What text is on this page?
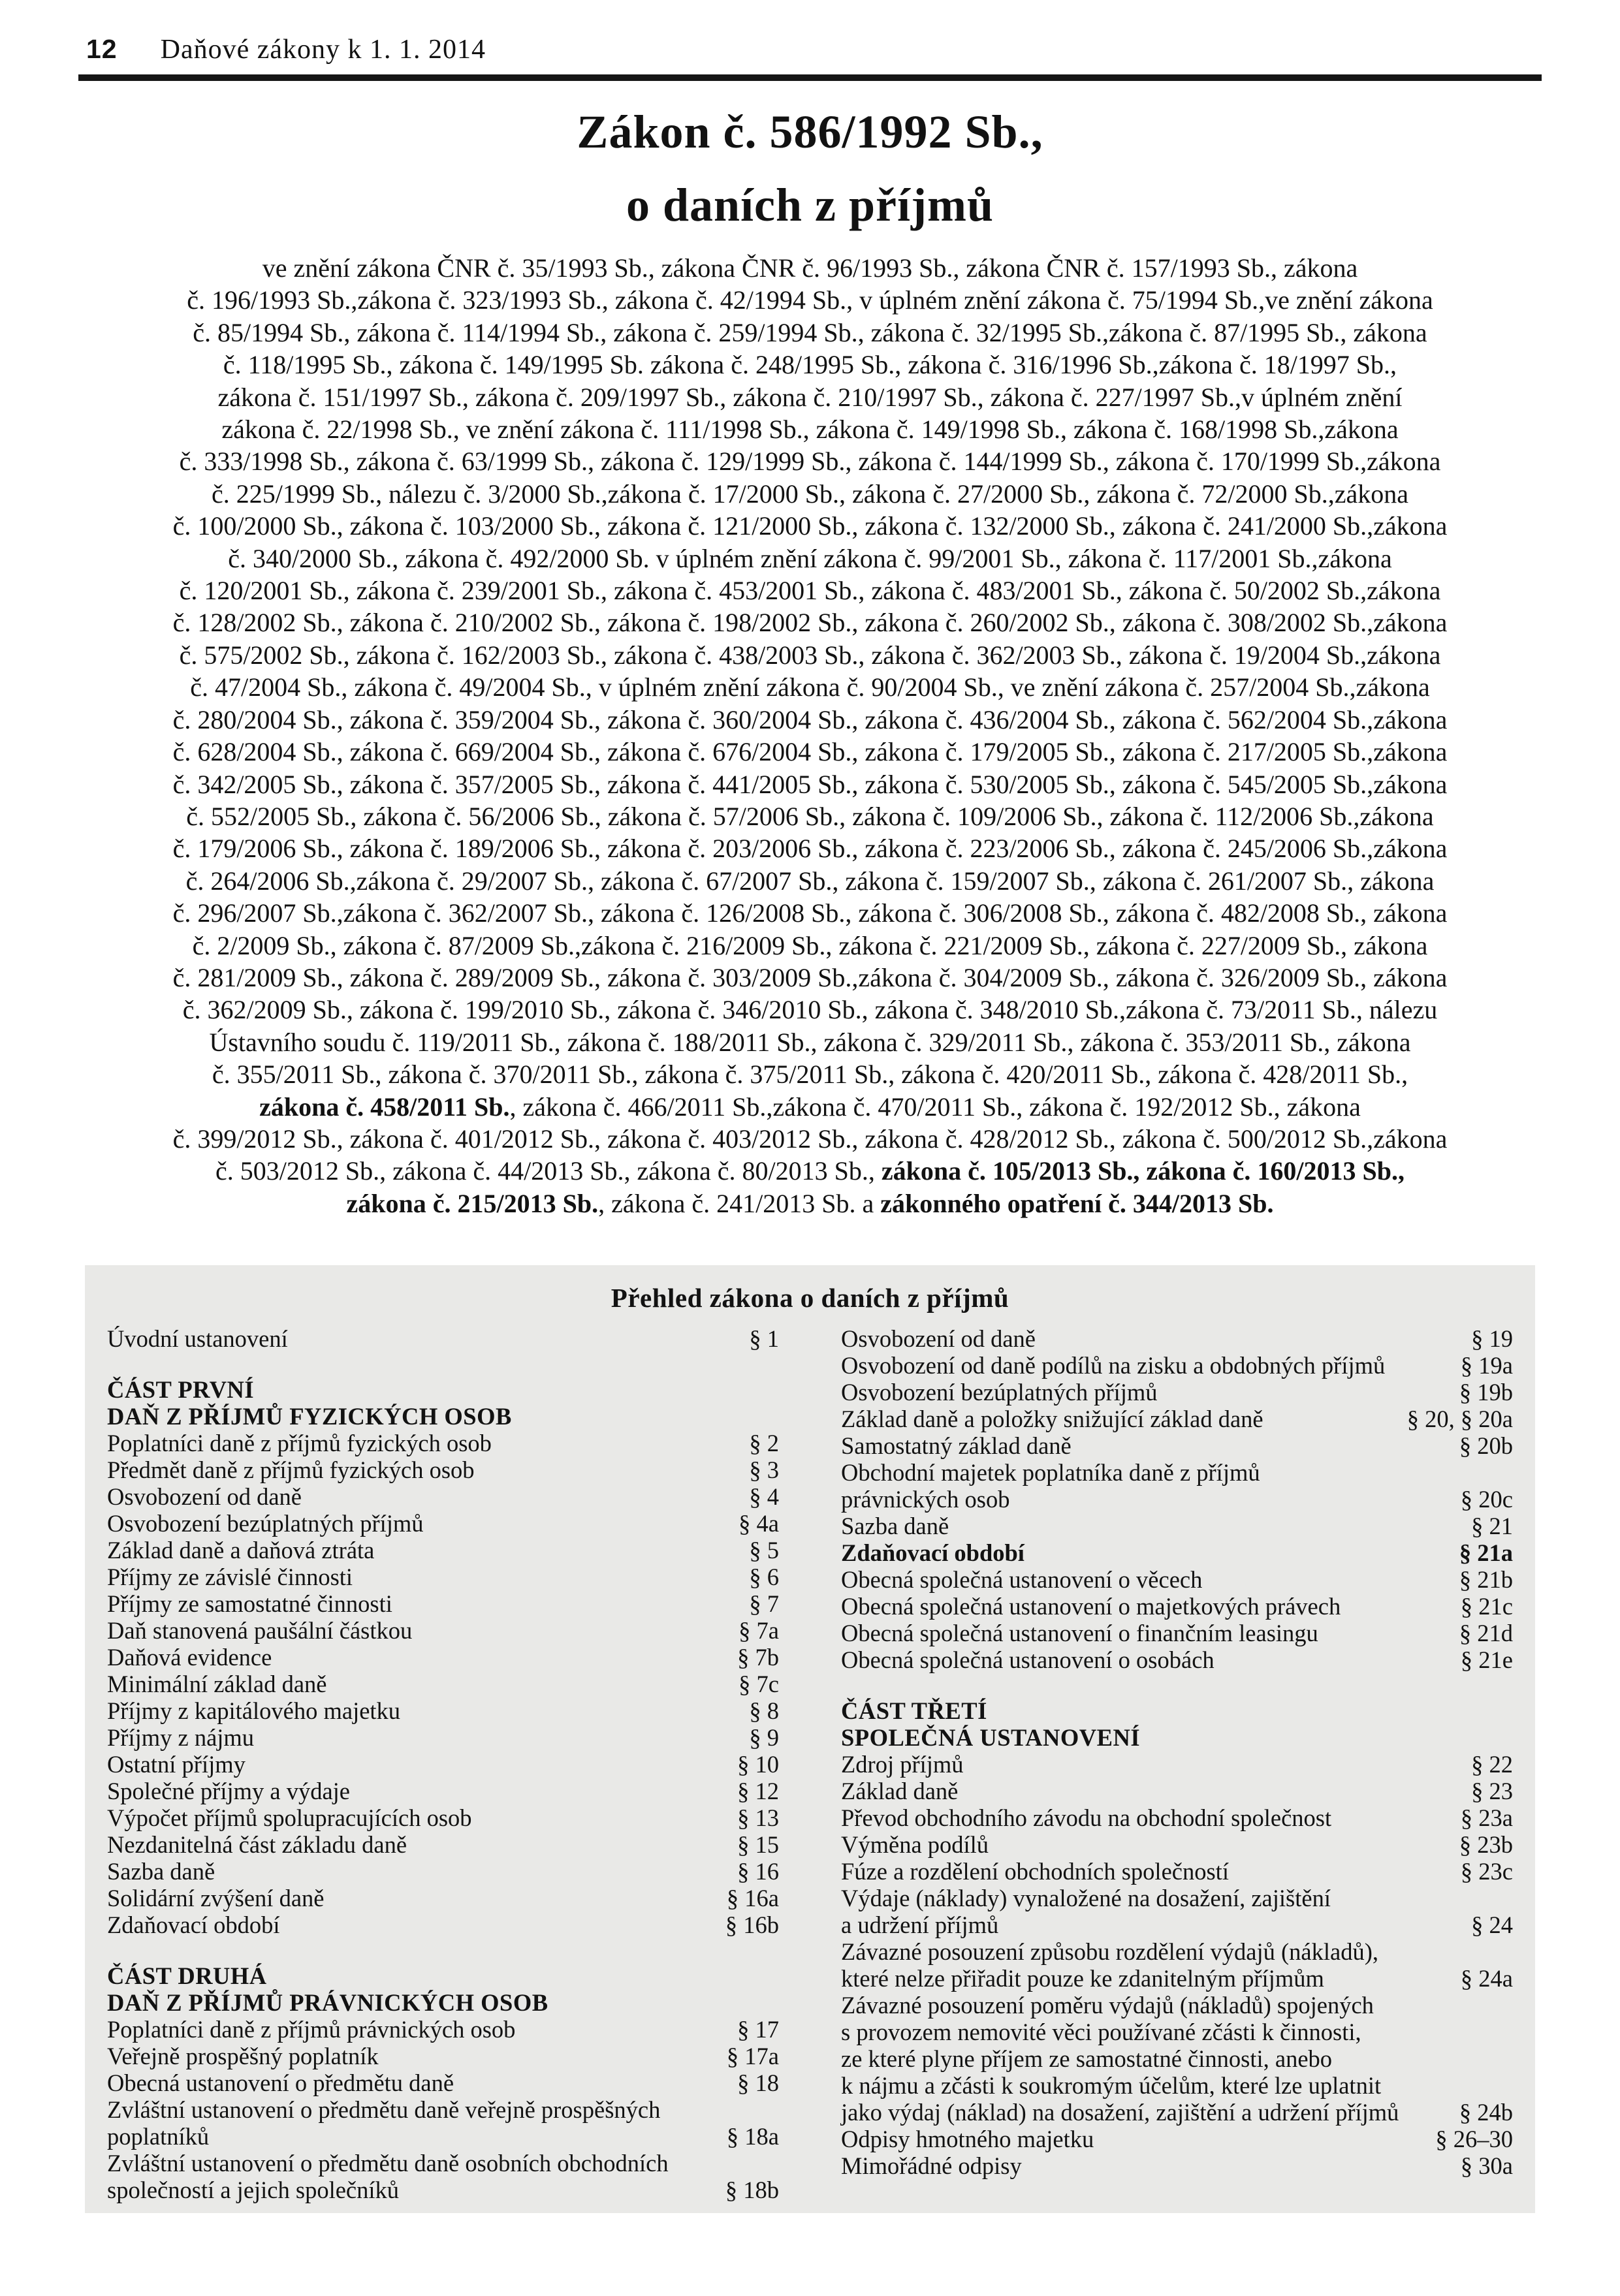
12 Daňové zákony k 1. 1. 2014
Zákon č. 586/1992 Sb.,
o daních z příjmů
ve znění zákona ČNR č. 35/1993 Sb., zákona ČNR č. 96/1993 Sb., zákona ČNR č. 157/1993 Sb., zákona
č. 196/1993 Sb.,zákona č. 323/1993 Sb., zákona č. 42/1994 Sb., v úplném znění zákona č. 75/1994 Sb.,ve znění zákona
č. 85/1994 Sb., zákona č. 114/1994 Sb., zákona č. 259/1994 Sb., zákona č. 32/1995 Sb.,zákona č. 87/1995 Sb., zákona
č. 118/1995 Sb., zákona č. 149/1995 Sb. zákona č. 248/1995 Sb., zákona č. 316/1996 Sb.,zákona č. 18/1997 Sb.,
zákona č. 151/1997 Sb., zákona č. 209/1997 Sb., zákona č. 210/1997 Sb., zákona č. 227/1997 Sb.,v úplném znění
zákona č. 22/1998 Sb., ve znění zákona č. 111/1998 Sb., zákona č. 149/1998 Sb., zákona č. 168/1998 Sb.,zákona
č. 333/1998 Sb., zákona č. 63/1999 Sb., zákona č. 129/1999 Sb., zákona č. 144/1999 Sb., zákona č. 170/1999 Sb.,zákona
č. 225/1999 Sb., nálezu č. 3/2000 Sb.,zákona č. 17/2000 Sb., zákona č. 27/2000 Sb., zákona č. 72/2000 Sb.,zákona
č. 100/2000 Sb., zákona č. 103/2000 Sb., zákona č. 121/2000 Sb., zákona č. 132/2000 Sb., zákona č. 241/2000 Sb.,zákona
č. 340/2000 Sb., zákona č. 492/2000 Sb. v úplném znění zákona č. 99/2001 Sb., zákona č. 117/2001 Sb.,zákona
č. 120/2001 Sb., zákona č. 239/2001 Sb., zákona č. 453/2001 Sb., zákona č. 483/2001 Sb., zákona č. 50/2002 Sb.,zákona
č. 128/2002 Sb., zákona č. 210/2002 Sb., zákona č. 198/2002 Sb., zákona č. 260/2002 Sb., zákona č. 308/2002 Sb.,zákona
č. 575/2002 Sb., zákona č. 162/2003 Sb., zákona č. 438/2003 Sb., zákona č. 362/2003 Sb., zákona č. 19/2004 Sb.,zákona
č. 47/2004 Sb., zákona č. 49/2004 Sb., v úplném znění zákona č. 90/2004 Sb., ve znění zákona č. 257/2004 Sb.,zákona
č. 280/2004 Sb., zákona č. 359/2004 Sb., zákona č. 360/2004 Sb., zákona č. 436/2004 Sb., zákona č. 562/2004 Sb.,zákona
č. 628/2004 Sb., zákona č. 669/2004 Sb., zákona č. 676/2004 Sb., zákona č. 179/2005 Sb., zákona č. 217/2005 Sb.,zákona
č. 342/2005 Sb., zákona č. 357/2005 Sb., zákona č. 441/2005 Sb., zákona č. 530/2005 Sb., zákona č. 545/2005 Sb.,zákona
č. 552/2005 Sb., zákona č. 56/2006 Sb., zákona č. 57/2006 Sb., zákona č. 109/2006 Sb., zákona č. 112/2006 Sb.,zákona
č. 179/2006 Sb., zákona č. 189/2006 Sb., zákona č. 203/2006 Sb., zákona č. 223/2006 Sb., zákona č. 245/2006 Sb.,zákona
č. 264/2006 Sb.,zákona č. 29/2007 Sb., zákona č. 67/2007 Sb., zákona č. 159/2007 Sb., zákona č. 261/2007 Sb., zákona
č. 296/2007 Sb.,zákona č. 362/2007 Sb., zákona č. 126/2008 Sb., zákona č. 306/2008 Sb., zákona č. 482/2008 Sb., zákona
č. 2/2009 Sb., zákona č. 87/2009 Sb.,zákona č. 216/2009 Sb., zákona č. 221/2009 Sb., zákona č. 227/2009 Sb., zákona
č. 281/2009 Sb., zákona č. 289/2009 Sb., zákona č. 303/2009 Sb.,zákona č. 304/2009 Sb., zákona č. 326/2009 Sb., zákona
č. 362/2009 Sb., zákona č. 199/2010 Sb., zákona č. 346/2010 Sb., zákona č. 348/2010 Sb.,zákona č. 73/2011 Sb., nálezu
Ústavního soudu č. 119/2011 Sb., zákona č. 188/2011 Sb., zákona č. 329/2011 Sb., zákona č. 353/2011 Sb., zákona
č. 355/2011 Sb., zákona č. 370/2011 Sb., zákona č. 375/2011 Sb., zákona č. 420/2011 Sb., zákona č. 428/2011 Sb.,
zákona č. 458/2011 Sb., zákona č. 466/2011 Sb.,zákona č. 470/2011 Sb., zákona č. 192/2012 Sb., zákona
č. 399/2012 Sb., zákona č. 401/2012 Sb., zákona č. 403/2012 Sb., zákona č. 428/2012 Sb., zákona č. 500/2012 Sb.,zákona
č. 503/2012 Sb., zákona č. 44/2013 Sb., zákona č. 80/2013 Sb., zákona č. 105/2013 Sb., zákona č. 160/2013 Sb.,
zákona č. 215/2013 Sb., zákona č. 241/2013 Sb. a zákonného opatření č. 344/2013 Sb.
Přehled zákona o daních z příjmů
Úvodní ustanovení	§ 1
ČÁST PRVNÍ
DAŇ Z PŘÍJMŮ FYZICKÝCH OSOB
Poplatníci daně z příjmů fyzických osob	§ 2
Předmět daně z příjmů fyzických osob	§ 3
Osvobození od daně	§ 4
Osvobození bezúplatných příjmů	§ 4a
Základ daně a daňová ztráta	§ 5
Příjmy ze závislé činnosti	§ 6
Příjmy ze samostatné činnosti	§ 7
Daň stanovená paušální částkou	§ 7a
Daňová evidence	§ 7b
Minimální základ daně	§ 7c
Příjmy z kapitálového majetku	§ 8
Příjmy z nájmu	§ 9
Ostatní příjmy	§ 10
Společné příjmy a výdaje	§ 12
Výpočet příjmů spolupracujících osob	§ 13
Nezdanitelná část základu daně	§ 15
Sazba daně	§ 16
Solidární zvýšení daně	§ 16a
Zdaňovací období	§ 16b
ČÁST DRUHÁ
DAŇ Z PŘÍJMŮ PRÁVNICKÝCH OSOB
Poplatníci daně z příjmů právnických osob	§ 17
Veřejně prospěšný poplatník	§ 17a
Obecná ustanovení o předmětu daně	§ 18
Zvláštní ustanovení o předmětu daně veřejně prospěšných
poplatníků	§ 18a
Zvláštní ustanovení o předmětu daně osobních obchodních
společností a jejich společníků	§ 18b
Osvobození od daně	§ 19
Osvobození od daně podílů na zisku a obdobných příjmů	§ 19a
Osvobození bezúplatných příjmů	§ 19b
Základ daně a položky snižující základ daně	§ 20, § 20a
Samostatný základ daně	§ 20b
Obchodní majetek poplatníka daně z příjmů
právnických osob	§ 20c
Sazba daně	§ 21
Zdaňovací období	§ 21a
Obecná společná ustanovení o věcech	§ 21b
Obecná společná ustanovení o majetkových právech	§ 21c
Obecná společná ustanovení o finančním leasingu	§ 21d
Obecná společná ustanovení o osobách	§ 21e
ČÁST TŘETÍ
SPOLEČNÁ USTANOVENÍ
Zdroj příjmů	§ 22
Základ daně	§ 23
Převod obchodního závodu na obchodní společnost	§ 23a
Výměna podílů	§ 23b
Fúze a rozdělení obchodních společností	§ 23c
Výdaje (náklady) vynaložené na dosažení, zajištění
a udržení příjmů	§ 24
Závazné posouzení způsobu rozdělení výdajů (nákladů),
které nelze přiřadit pouze ke zdanitelným příjmům	§ 24a
Závazné posouzení poměru výdajů (nákladů) spojených
s provozem nemovité věci používané zčásti k činnosti,
ze které plyne příjem ze samostatné činnosti, anebo
k nájmu a zčásti k soukromým účelům, které lze uplatnit
jako výdaj (náklad) na dosažení, zajištění a udržení příjmů	§ 24b
Odpisy hmotného majetku	§ 26–30
Mimořádné odpisy	§ 30a
